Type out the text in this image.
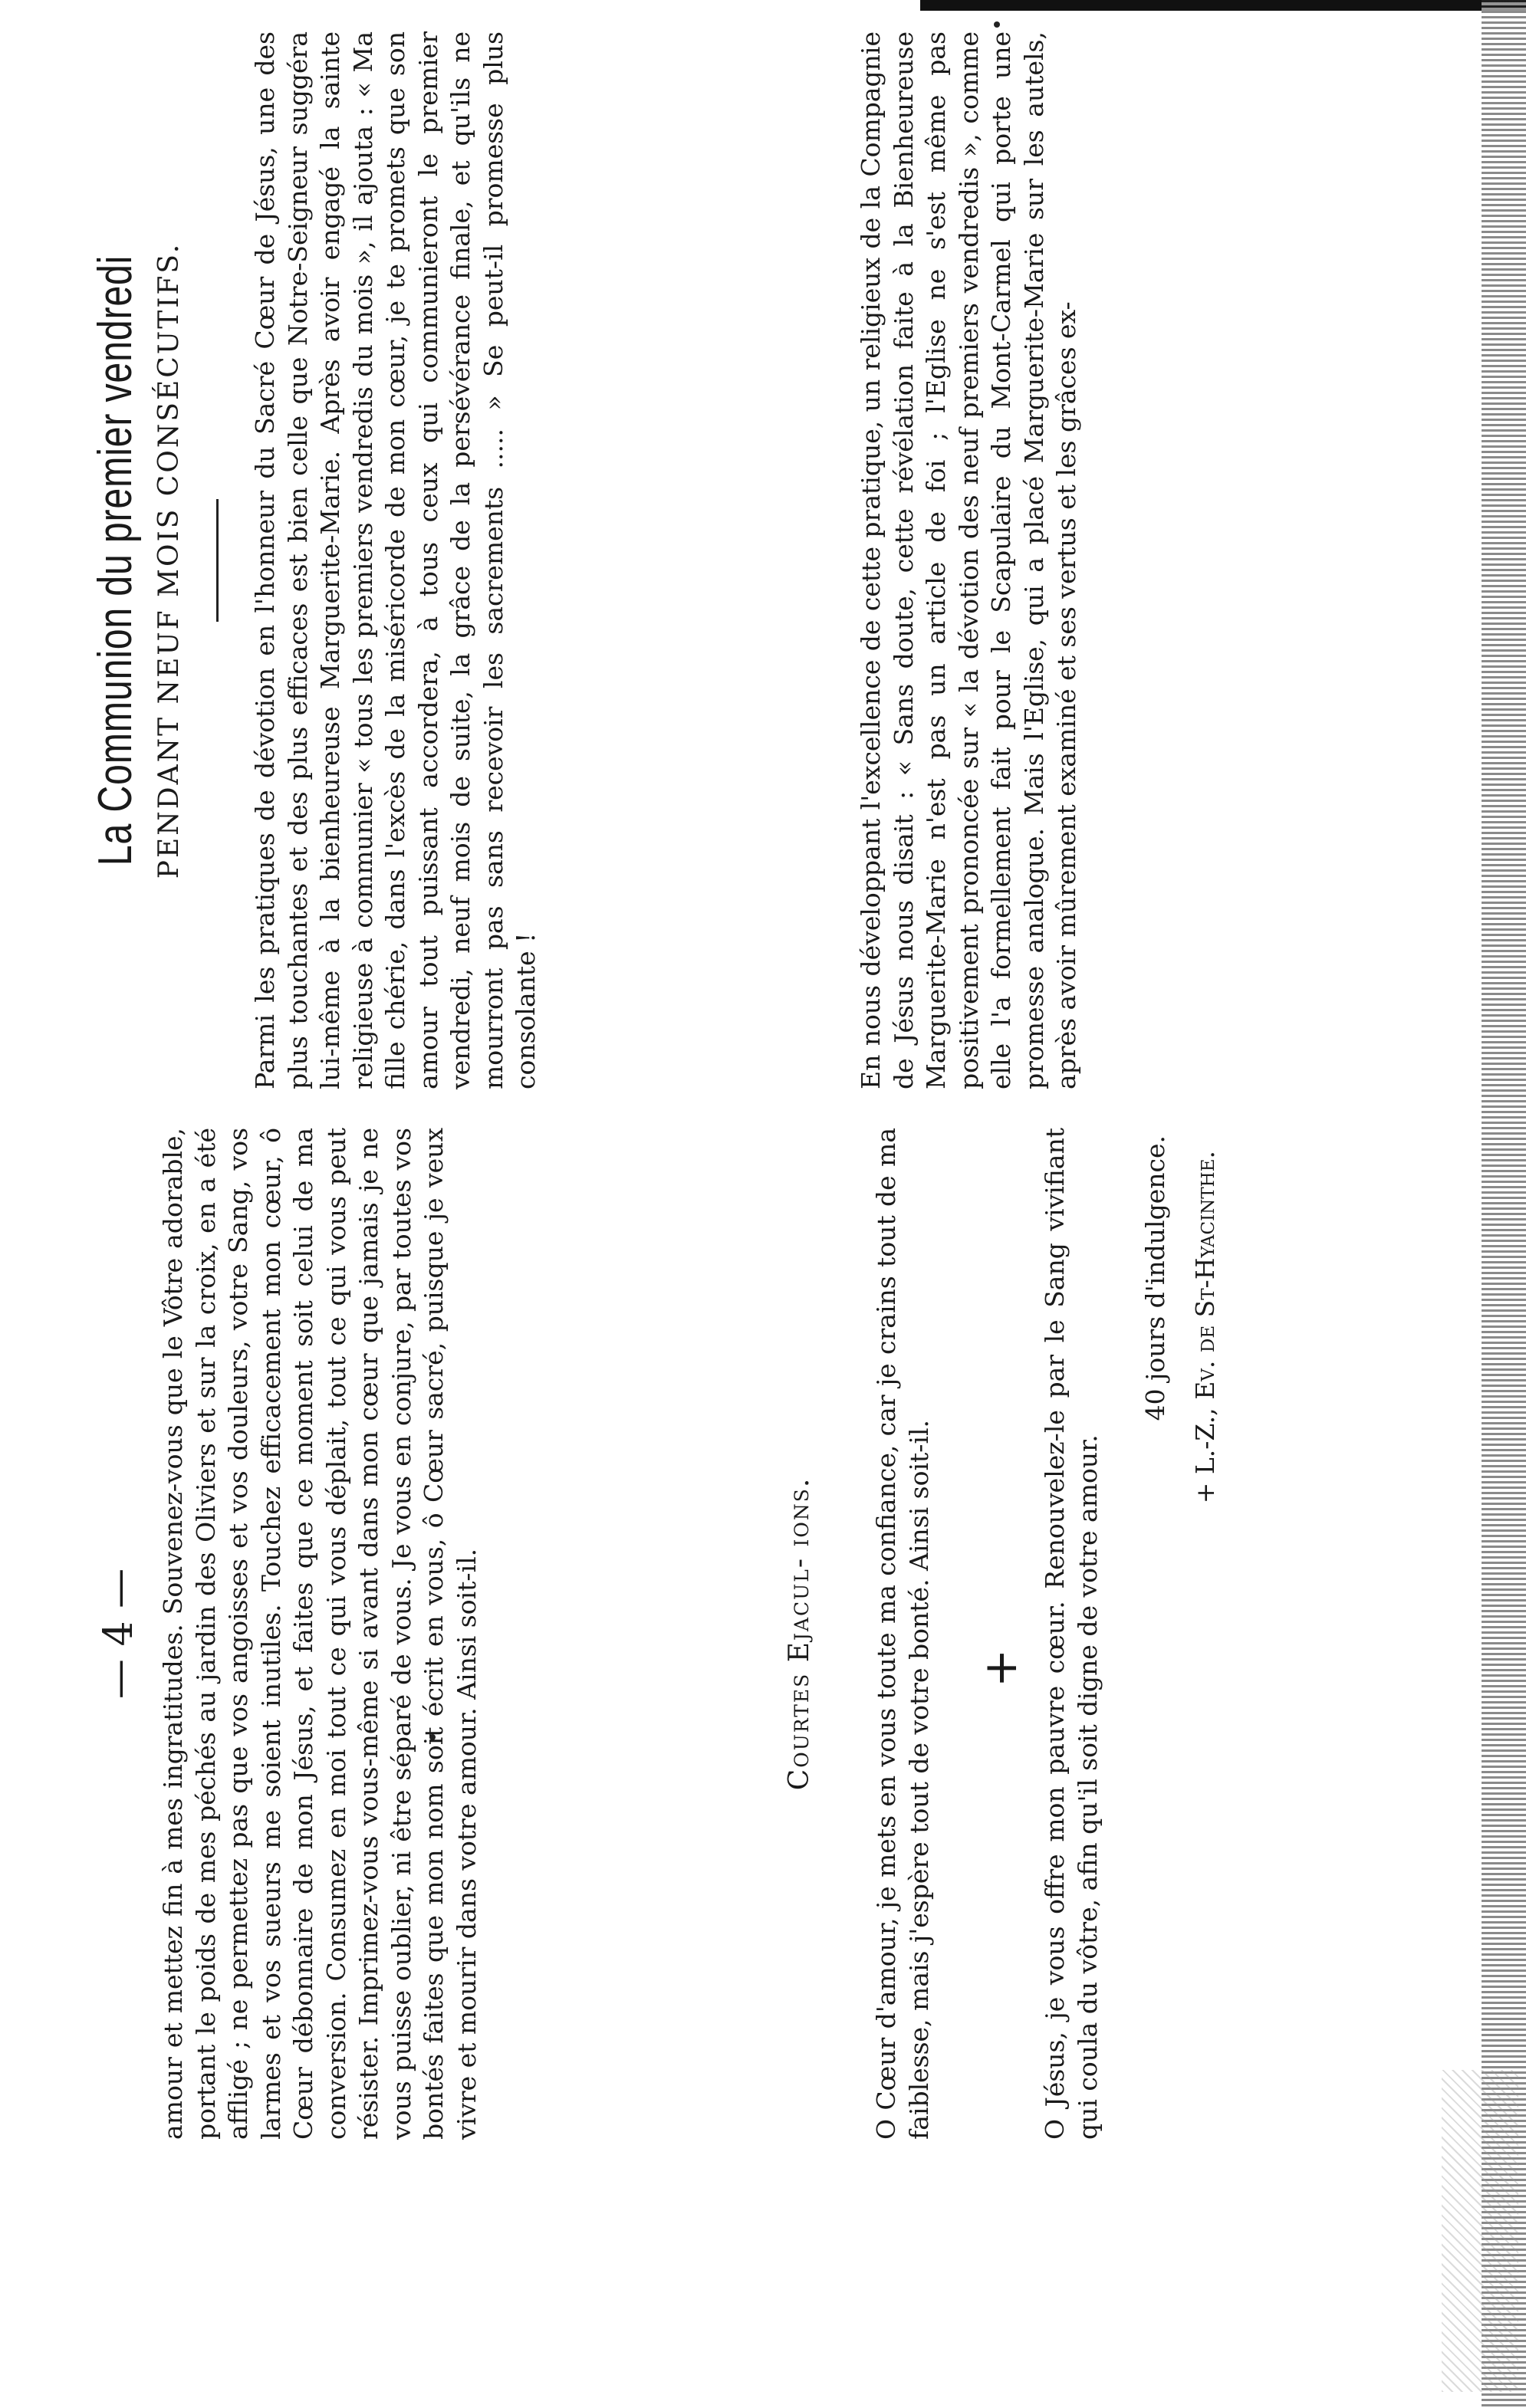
— 4 — amour et mettez fin à mes ingratitudes. Souvenez-vous que le Vôtre adorable, portant le poids de mes péchés au jardin des Oliviers et sur la croix, en a été affligé ; ne permettez pas que vos angoisses et vos douleurs, votre Sang, vos larmes et vos sueurs me soient inutiles. Touchez efficacement mon cœur, ô Cœur débonnaire de mon Jésus, et faites que ce moment soit celui de ma conversion. Consumez en moi tout ce qui vous déplait, tout ce qui vous peut résister. Imprimez-vous vous-même si avant dans mon cœur que jamais je ne vous puisse oublier, ni être séparé de vous. Je vous en conjure, par toutes vos bontés faites que mon nom soit écrit en vous, ô Cœur sacré, puisque je veux vivre et mourir dans votre amour. Ainsi soit-il.	Courtes Ejacul- ions. O Cœur d'amour, je mets en vous toute ma confiance, car je crains tout de ma faiblesse, mais j'espère tout de votre bonté. Ainsi soit-il. + O Jésus, je vous offre mon pauvre cœur. Renouvelez-le par le Sang vivifiant qui coula du vôtre, afin qu'il soit digne de votre amour.

40 jours d'indulgence. + L.-Z., Ev. de St-Hyacinthe.
La Communion du premier vendredi PENDANT NEUF MOIS CONSÉCUTIFS.	Parmi les pratiques de dévotion en l'honneur du Sacré Cœur de Jésus, une des plus touchantes et des plus efficaces est bien celle que Notre-Seigneur suggéra lui-même à la bienheureuse Marguerite-Marie. Après avoir engagé la sainte religieuse à communier « tous les premiers vendredis du mois », il ajouta : « Ma fille chérie, dans l'excès de la miséricorde de mon cœur, je te promets que son amour tout puissant accordera, à tous ceux qui communieront le premier vendredi, neuf mois de suite, la grâce de la persévérance finale, et qu'ils ne mourront pas sans recevoir les sacrements ..... » Se peut-il promesse plus consolante !	En nous développant l'excellence de cette pratique, un religieux de la Compagnie de Jésus nous disait : « Sans doute, cette révélation faite à la Bienheureuse Marguerite-Marie n'est pas un article de foi ; l'Eglise ne s'est même pas positivement prononcée sur « la dévotion des neuf premiers vendredis », comme elle l'a formellement fait pour le Scapulaire du Mont-Carmel qui porte une promesse analogue. Mais l'Eglise, qui a placé Marguerite-Marie sur les autels, après avoir mûrement examiné et ses vertus et les grâces ex-
